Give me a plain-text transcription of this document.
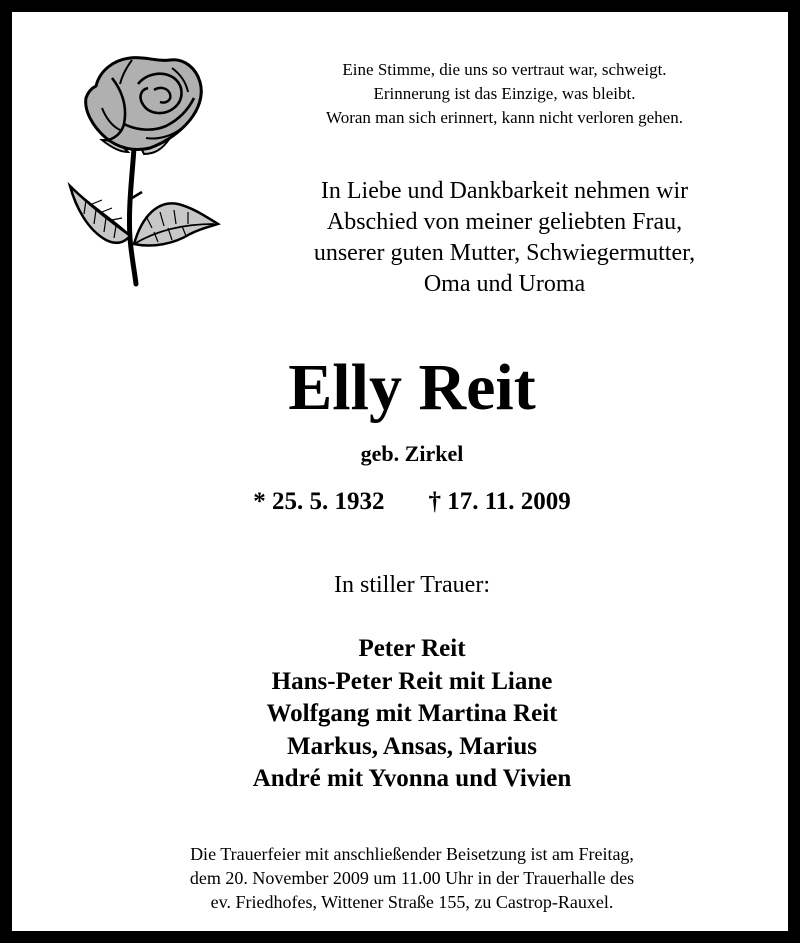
Eine Stimme, die uns so vertraut war, schweigt.
Erinnerung ist das Einzige, was bleibt.
Woran man sich erinnert, kann nicht verloren gehen.
In Liebe und Dankbarkeit nehmen wir
Abschied von meiner geliebten Frau,
unserer guten Mutter, Schwiegermutter,
Oma und Uroma
Elly Reit
geb. Zirkel
* 25. 5. 1932 † 17. 11. 2009
In stiller Trauer:
Peter Reit
Hans-Peter Reit mit Liane
Wolfgang mit Martina Reit
Markus, Ansas, Marius
André mit Yvonna und Vivien
Die Trauerfeier mit anschließender Beisetzung ist am Freitag,
dem 20. November 2009 um 11.00 Uhr in der Trauerhalle des
ev. Friedhofes, Wittener Straße 155, zu Castrop-Rauxel.
